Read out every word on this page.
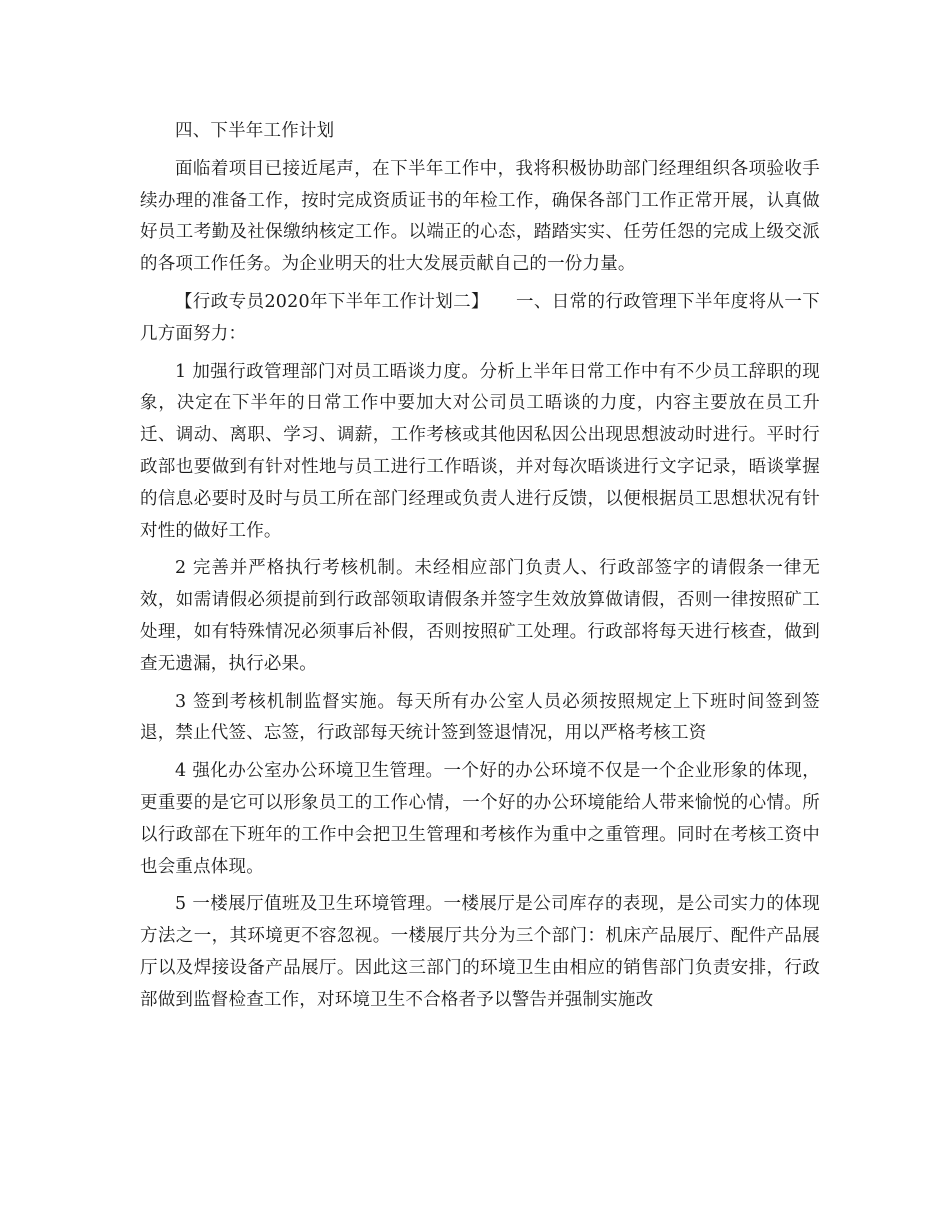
四、下半年工作计划

面临着项目已接近尾声，在下半年工作中，我将积极协助部门经理组织各项验收手续办理的准备工作，按时完成资质证书的年检工作，确保各部门工作正常开展，认真做好员工考勤及社保缴纳核定工作。以端正的心态，踏踏实实、任劳任怨的完成上级交派的各项工作任务。为企业明天的壮大发展贡献自己的一份力量。

【行政专员2020年下半年工作计划二】　　一、日常的行政管理下半年度将从一下几方面努力：

1 加强行政管理部门对员工晤谈力度。分析上半年日常工作中有不少员工辞职的现象，决定在下半年的日常工作中要加大对公司员工晤谈的力度，内容主要放在员工升迁、调动、离职、学习、调薪，工作考核或其他因私因公出现思想波动时进行。平时行政部也要做到有针对性地与员工进行工作晤谈，并对每次晤谈进行文字记录，晤谈掌握的信息必要时及时与员工所在部门经理或负责人进行反馈，以便根据员工思想状况有针对性的做好工作。

2 完善并严格执行考核机制。未经相应部门负责人、行政部签字的请假条一律无效，如需请假必须提前到行政部领取请假条并签字生效放算做请假，否则一律按照矿工处理，如有特殊情况必须事后补假，否则按照矿工处理。行政部将每天进行核查，做到查无遗漏，执行必果。

3 签到考核机制监督实施。每天所有办公室人员必须按照规定上下班时间签到签退，禁止代签、忘签，行政部每天统计签到签退情况，用以严格考核工资

4 强化办公室办公环境卫生管理。一个好的办公环境不仅是一个企业形象的体现，更重要的是它可以形象员工的工作心情，一个好的办公环境能给人带来愉悦的心情。所以行政部在下班年的工作中会把卫生管理和考核作为重中之重管理。同时在考核工资中也会重点体现。

5 一楼展厅值班及卫生环境管理。一楼展厅是公司库存的表现，是公司实力的体现方法之一，其环境更不容忽视。一楼展厅共分为三个部门：机床产品展厅、配件产品展厅以及焊接设备产品展厅。因此这三部门的环境卫生由相应的销售部门负责安排，行政部做到监督检查工作，对环境卫生不合格者予以警告并强制实施改
